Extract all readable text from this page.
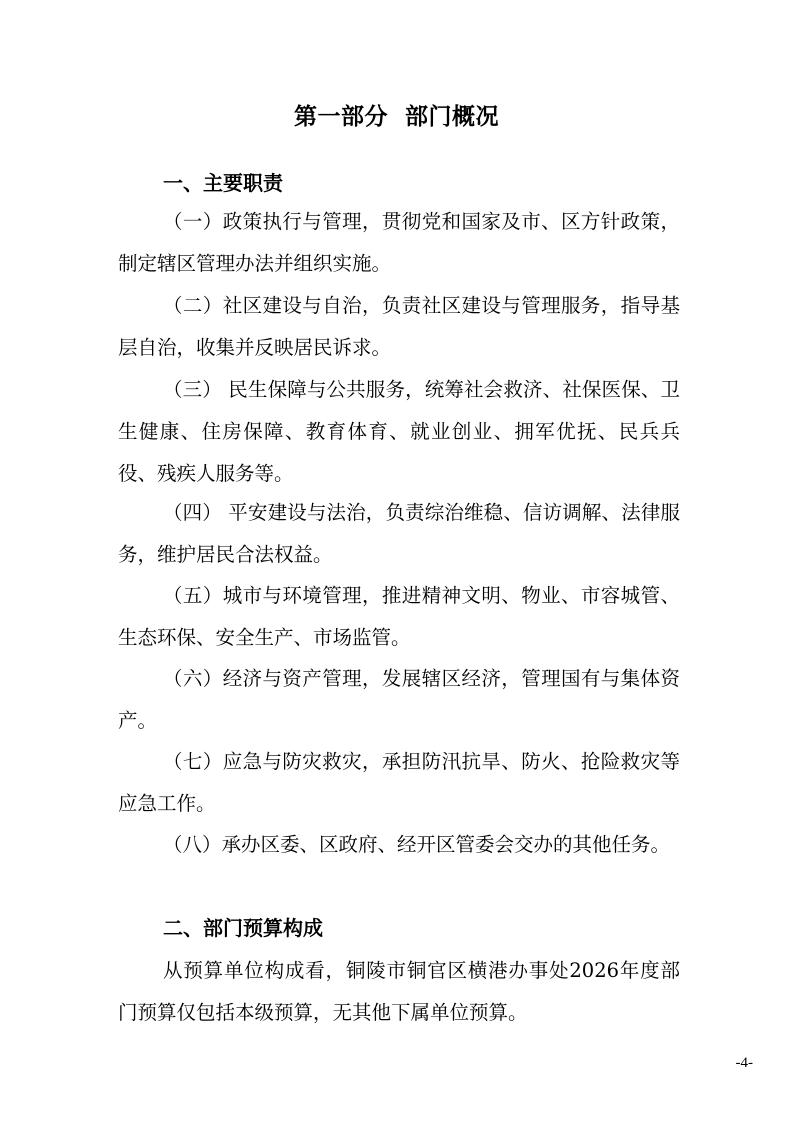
第一部分  部门概况
一、主要职责

（一）政策执行与管理，贯彻党和国家及市、区方针政策，制定辖区管理办法并组织实施。

（二）社区建设与自治，负责社区建设与管理服务，指导基层自治，收集并反映居民诉求。

（三） 民生保障与公共服务，统筹社会救济、社保医保、卫生健康、住房保障、教育体育、就业创业、拥军优抚、民兵兵役、残疾人服务等。

（四） 平安建设与法治，负责综治维稳、信访调解、法律服务，维护居民合法权益。

（五）城市与环境管理，推进精神文明、物业、市容城管、生态环保、安全生产、市场监管。

（六）经济与资产管理，发展辖区经济，管理国有与集体资产。

（七）应急与防灾救灾，承担防汛抗旱、防火、抢险救灾等应急工作。

（八）承办区委、区政府、经开区管委会交办的其他任务。

二、部门预算构成

从预算单位构成看，铜陵市铜官区横港办事处2026年度部门预算仅包括本级预算，无其他下属单位预算。

-4-
